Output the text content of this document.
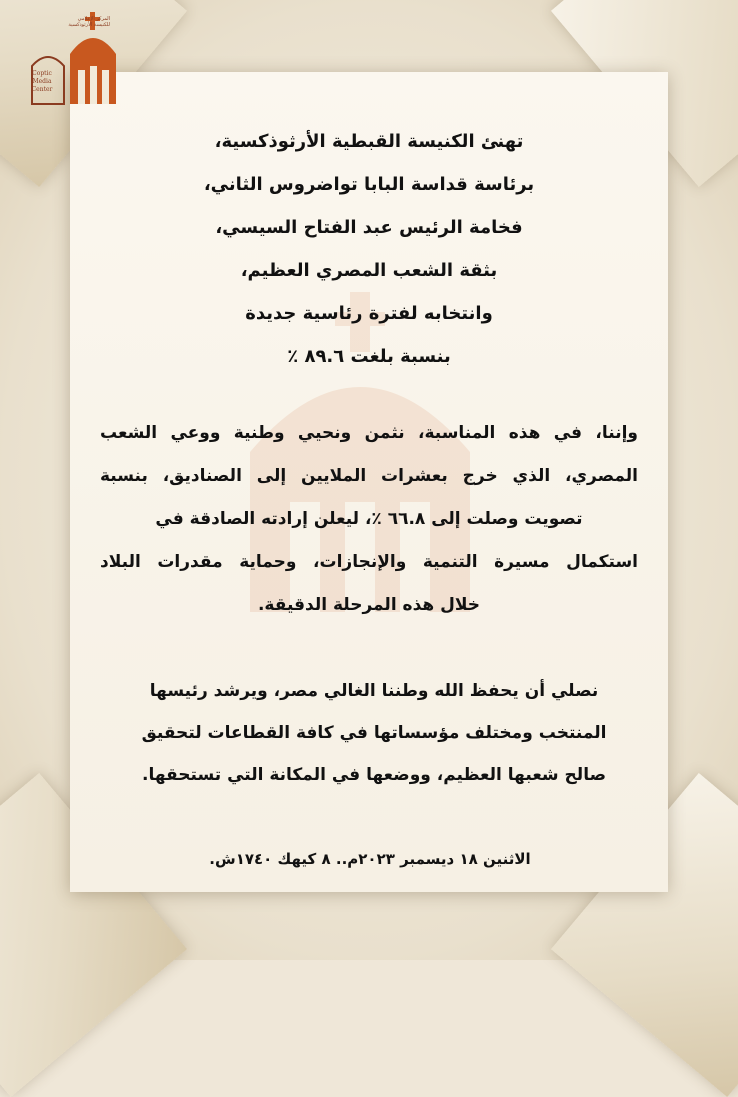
Coptic
Media
Center
المركز الإعلامي
للكنيسة الأرثوذكسية
تهنئ الكنيسة القبطية الأرثوذكسية،
برئاسة قداسة البابا تواضروس الثاني،
فخامة الرئيس عبد الفتاح السيسي،
بثقة الشعب المصري العظيم،
وانتخابه لفترة رئاسية جديدة
بنسبة بلغت ٨٩.٦ ٪
وإننا، في هذه المناسبة، نثمن ونحيي وطنية ووعي الشعب
المصري، الذي خرج بعشرات الملايين إلى الصناديق، بنسبة
تصويت وصلت إلى ٦٦.٨ ٪، ليعلن إرادته الصادقة في
استكمال مسيرة التنمية والإنجازات، وحماية مقدرات البلاد
خلال هذه المرحلة الدقيقة.
نصلي أن يحفظ الله وطننا الغالي مصر، ويرشد رئيسها
المنتخب ومختلف مؤسساتها في كافة القطاعات لتحقيق
صالح شعبها العظيم، ووضعها في المكانة التي تستحقها.
الاثنين ١٨ ديسمبر ٢٠٢٣م.. ٨ كيهك ١٧٤٠ش.
